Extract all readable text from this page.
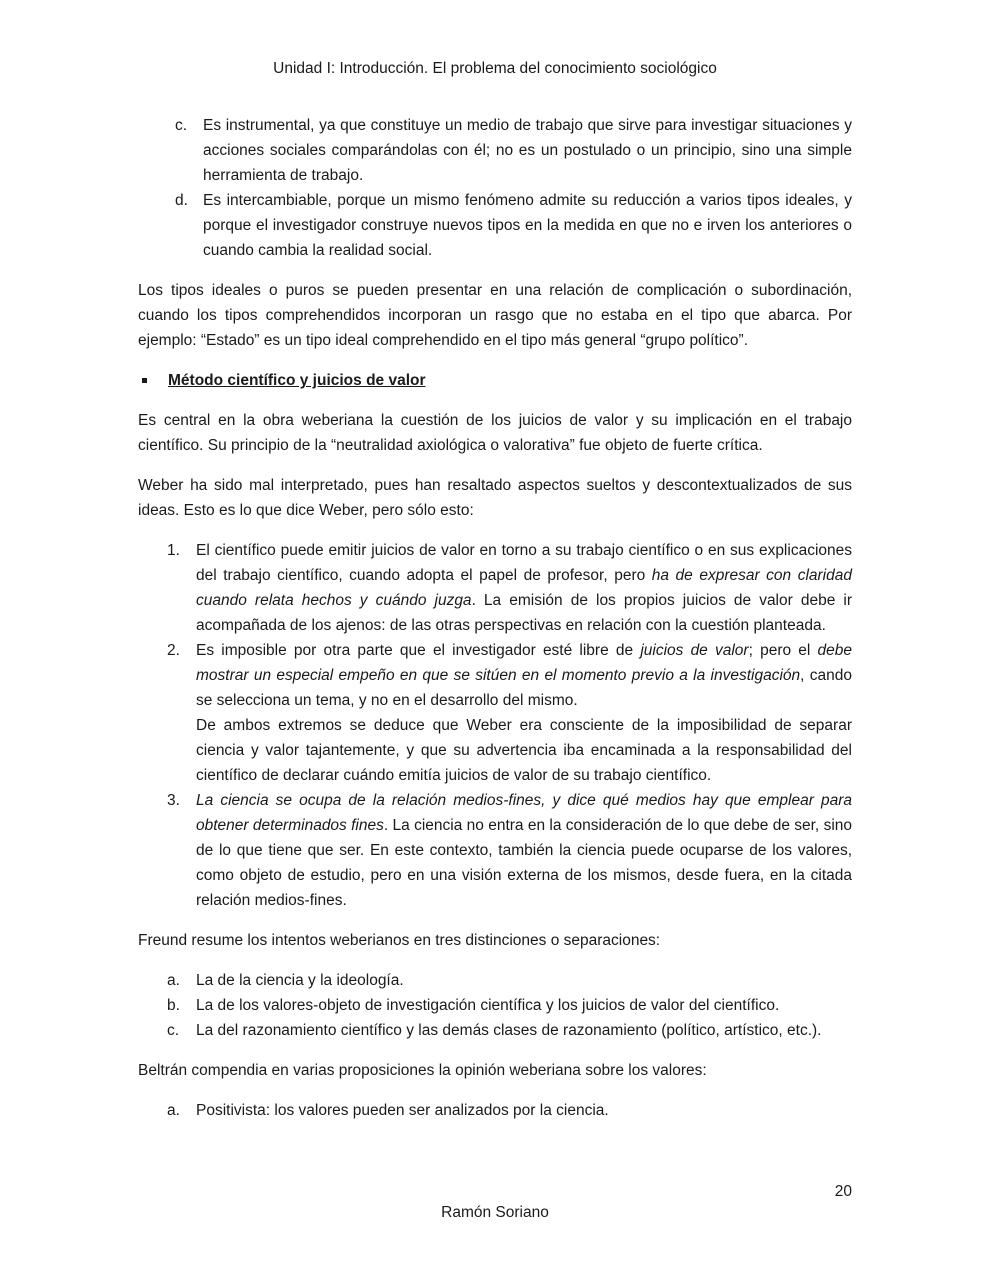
Unidad I: Introducción. El problema del conocimiento sociológico
c.	Es instrumental, ya que constituye un medio de trabajo que sirve para investigar situaciones y acciones sociales comparándolas con él; no es un postulado o un principio, sino una simple herramienta de trabajo.
d. Es intercambiable, porque un mismo fenómeno admite su reducción a varios tipos ideales, y porque el investigador construye nuevos tipos en la medida en que no e irven los anteriores o cuando cambia la realidad social.

Los tipos ideales o puros se pueden presentar en una relación de complicación o subordinación, cuando los tipos comprehendidos incorporan un rasgo que no estaba en el tipo que abarca. Por ejemplo: “Estado” es un tipo ideal comprehendido en el tipo más general “grupo político”.

Método científico y juicios de valor

Es central en la obra weberiana la cuestión de los juicios de valor y su implicación en el trabajo científico. Su principio de la “neutralidad axiológica o valorativa” fue objeto de fuerte crítica.

Weber ha sido mal interpretado, pues han resaltado aspectos sueltos y descontextualizados de sus ideas. Esto es lo que dice Weber, pero sólo esto:

1.	El científico puede emitir juicios de valor en torno a su trabajo científico o en sus explicaciones del trabajo científico, cuando adopta el papel de profesor, pero ha de expresar con claridad cuando relata hechos y cuándo juzga. La emisión de los propios juicios de valor debe ir acompañada de los ajenos: de las otras perspectivas en relación con la cuestión planteada.
2.	Es imposible por otra parte que el investigador esté libre de juicios de valor; pero el debe mostrar un especial empeño en que se sitúen en el momento previo a la investigación, cando se selecciona un tema, y no en el desarrollo del mismo.
De ambos extremos se deduce que Weber era consciente de la imposibilidad de separar ciencia y valor tajantemente, y que su advertencia iba encaminada a la responsabilidad del científico de declarar cuándo emitía juicios de valor de su trabajo científico.
3.	La ciencia se ocupa de la relación medios-fines, y dice qué medios hay que emplear para obtener determinados fines. La ciencia no entra en la consideración de lo que debe de ser, sino de lo que tiene que ser. En este contexto, también la ciencia puede ocuparse de los valores, como objeto de estudio, pero en una visión externa de los mismos, desde fuera, en la citada relación medios-fines.

Freund resume los intentos weberianos en tres distinciones o separaciones:

a.	La de la ciencia y la ideología.
b.	La de los valores-objeto de investigación científica y los juicios de valor del científico.
c.	La del razonamiento científico y las demás clases de razonamiento (político, artístico, etc.).

Beltrán compendia en varias proposiciones la opinión weberiana sobre los valores:

a.	Positivista: los valores pueden ser analizados por la ciencia.
20
Ramón Soriano
